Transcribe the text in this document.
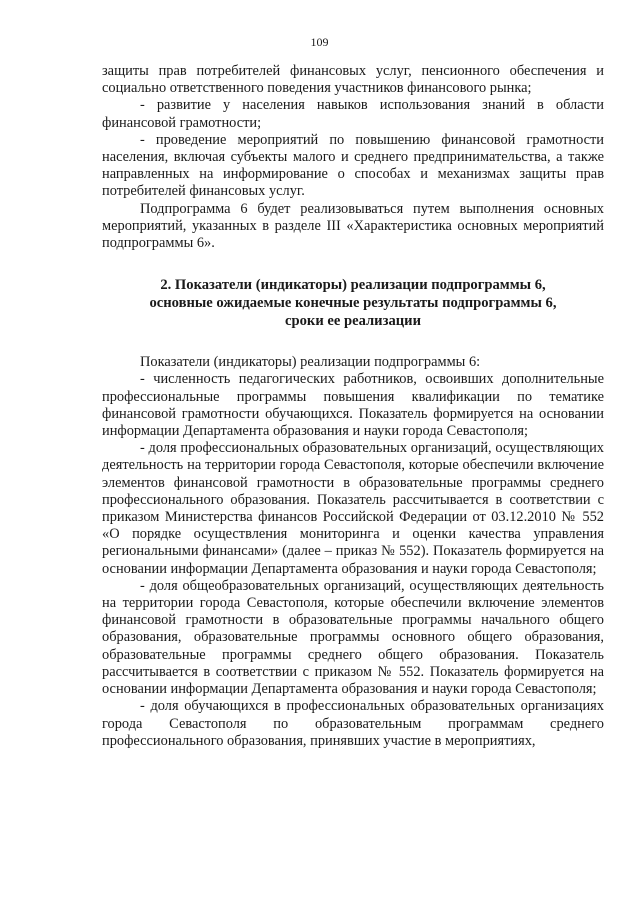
109

защиты прав потребителей финансовых услуг, пенсионного обеспечения и социально ответственного поведения участников финансового рынка;

- развитие у населения навыков использования знаний в области финансовой грамотности;

- проведение мероприятий по повышению финансовой грамотности населения, включая субъекты малого и среднего предпринимательства, а также направленных на информирование о способах и механизмах защиты прав потребителей финансовых услуг.

Подпрограмма 6 будет реализовываться путем выполнения основных мероприятий, указанных в разделе III «Характеристика основных мероприятий подпрограммы 6».

2. Показатели (индикаторы) реализации подпрограммы 6,
основные ожидаемые конечные результаты подпрограммы 6,
сроки ее реализации

Показатели (индикаторы) реализации подпрограммы 6:

- численность педагогических работников, освоивших дополнительные профессиональные программы повышения квалификации по тематике финансовой грамотности обучающихся. Показатель формируется на основании информации Департамента образования и науки города Севастополя;

- доля профессиональных образовательных организаций, осуществляющих деятельность на территории города Севастополя, которые обеспечили включение элементов финансовой грамотности в образовательные программы среднего профессионального образования. Показатель рассчитывается в соответствии с приказом Министерства финансов Российской Федерации от 03.12.2010 № 552 «О порядке осуществления мониторинга и оценки качества управления региональными финансами» (далее – приказ № 552). Показатель формируется на основании информации Департамента образования и науки города Севастополя;

- доля общеобразовательных организаций, осуществляющих деятельность на территории города Севастополя, которые обеспечили включение элементов финансовой грамотности в образовательные программы начального общего образования, образовательные программы основного общего образования, образовательные программы среднего общего образования. Показатель рассчитывается в соответствии с приказом № 552. Показатель формируется на основании информации Департамента образования и науки города Севастополя;

- доля обучающихся в профессиональных образовательных организациях города Севастополя по образовательным программам среднего профессионального образования, принявших участие в мероприятиях,
